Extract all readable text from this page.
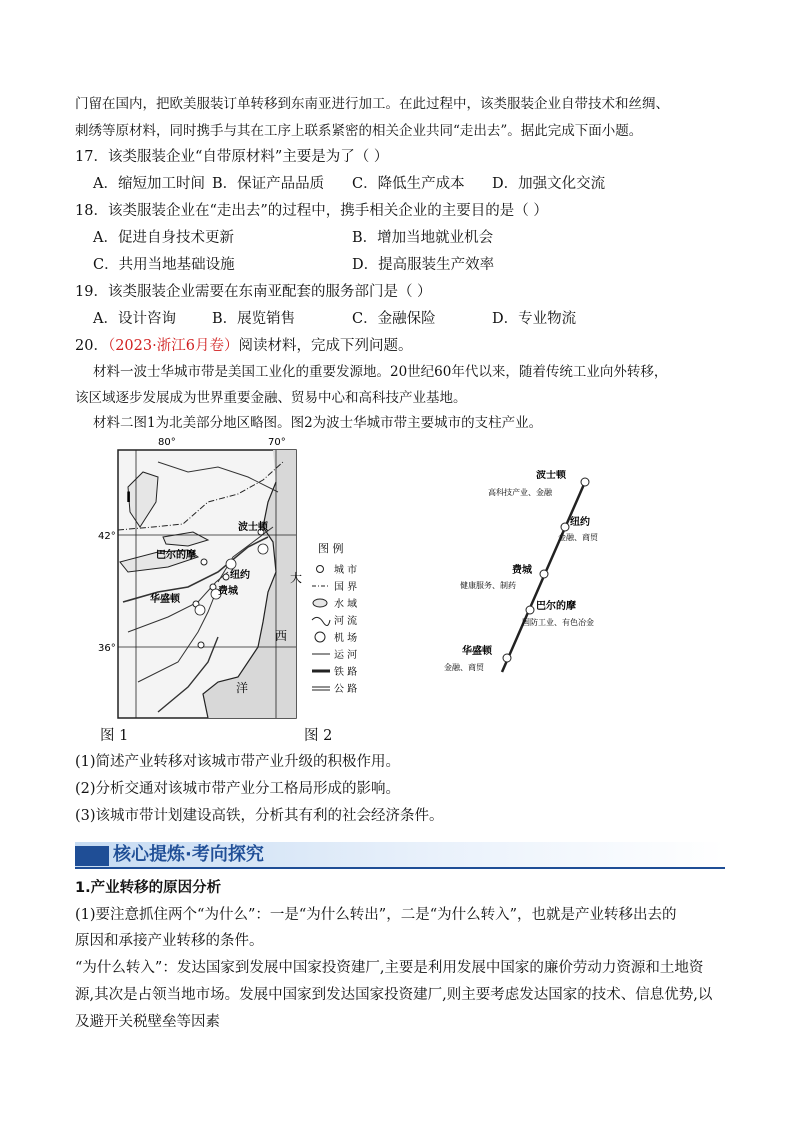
门留在国内，把欧美服装订单转移到东南亚进行加工。在此过程中，该类服装企业自带技术和丝绸、
刺绣等原材料，同时携手与其在工序上联系紧密的相关企业共同“走出去”。据此完成下面小题。
17．该类服装企业“自带原材料”主要是为了（ ）
A．缩短加工时间 B．保证产品品质 C．降低生产成本 D．加强文化交流
18．该类服装企业在“走出去”的过程中，携手相关企业的主要目的是（ ）
A．促进自身技术更新	B．增加当地就业机会
C．共用当地基础设施	D．提高服装生产效率
19．该类服装企业需要在东南亚配套的服务部门是（ ）
A．设计咨询 B．展览销售	C．金融保险	D．专业物流
20．（2023·浙江6月卷）阅读材料，完成下列问题。
材料一波士华城市带是美国工业化的重要发源地。20世纪60年代以来，随着传统工业向外转移，
该区域逐步发展成为世界重要金融、贸易中心和高科技产业基地。
材料二图1为北美部分地区略图。图2为波士华城市带主要城市的支柱产业。
80°	70°
42°
36°
波士顿
巴尔的摩
纽约
费城
华盛顿
I
大
西
洋
图 例
城 市
国 界
水 域
河 流
机 场
运 河
铁 路
公 路
波士顿
高科技产业、金融
纽约
金融、商贸
费城
健康服务、制药
巴尔的摩
国防工业、有色冶金
华盛顿
金融、商贸
图 1	图 2
(1)简述产业转移对该城市带产业升级的积极作用。
(2)分析交通对该城市带产业分工格局形成的影响。
(3)该城市带计划建设高铁，分析其有利的社会经济条件。
核心提炼·考向探究
1.产业转移的原因分析
(1)要注意抓住两个“为什么”：一是“为什么转出”，二是“为什么转入”，也就是产业转移出去的
原因和承接产业转移的条件。
“为什么转入”：发达国家到发展中国家投资建厂,主要是利用发展中国家的廉价劳动力资源和土地资
源,其次是占领当地市场。发展中国家到发达国家投资建厂,则主要考虑发达国家的技术、信息优势,以
及避开关税壁垒等因素
